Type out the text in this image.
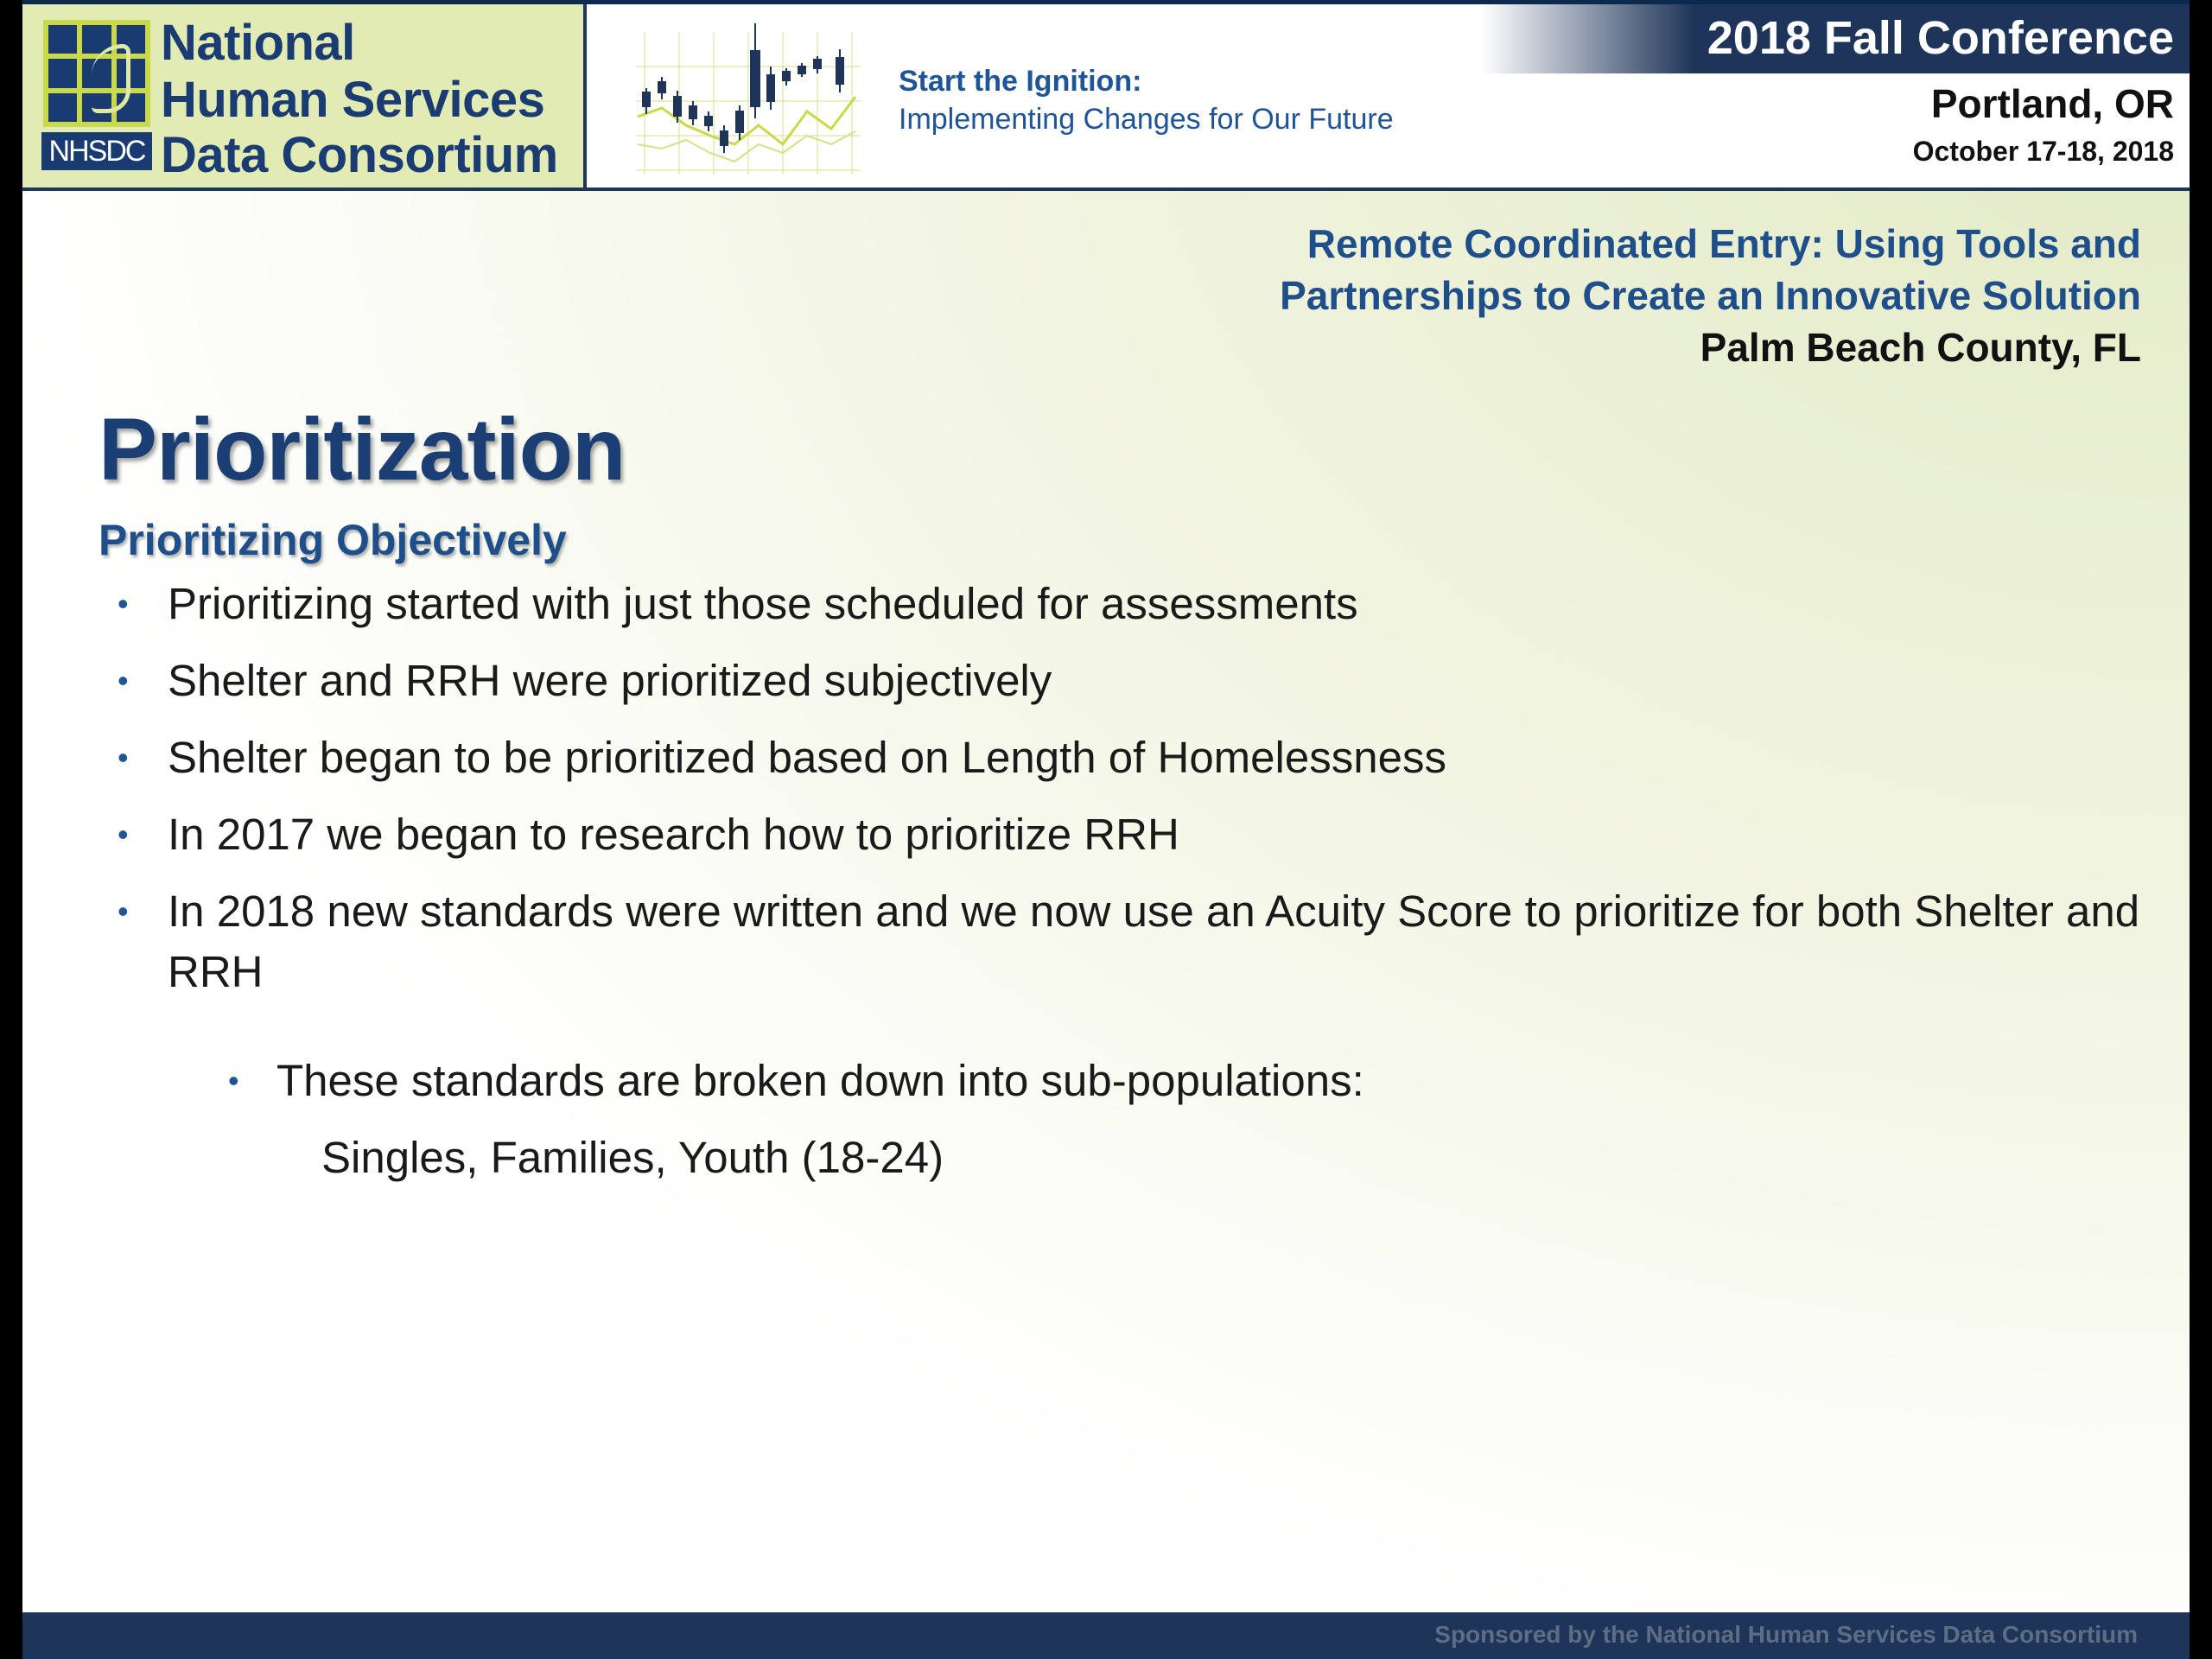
NHSDC
National
Human Services
Data Consortium
Start the Ignition:
Implementing Changes for Our Future
2018 Fall Conference
Portland, OR
October 17-18, 2018
Remote Coordinated Entry: Using Tools and
Partnerships to Create an Innovative Solution
Palm Beach County, FL
Prioritization
Prioritizing Objectively
• Prioritizing started with just those scheduled for assessments
• Shelter and RRH were prioritized subjectively
• Shelter began to be prioritized based on Length of Homelessness
• In 2017 we began to research how to prioritize RRH
• In 2018 new standards were written and we now use an Acuity Score to prioritize for both Shelter and RRH
• These standards are broken down into sub-populations:
Singles, Families, Youth (18-24)
Sponsored by the National Human Services Data Consortium
